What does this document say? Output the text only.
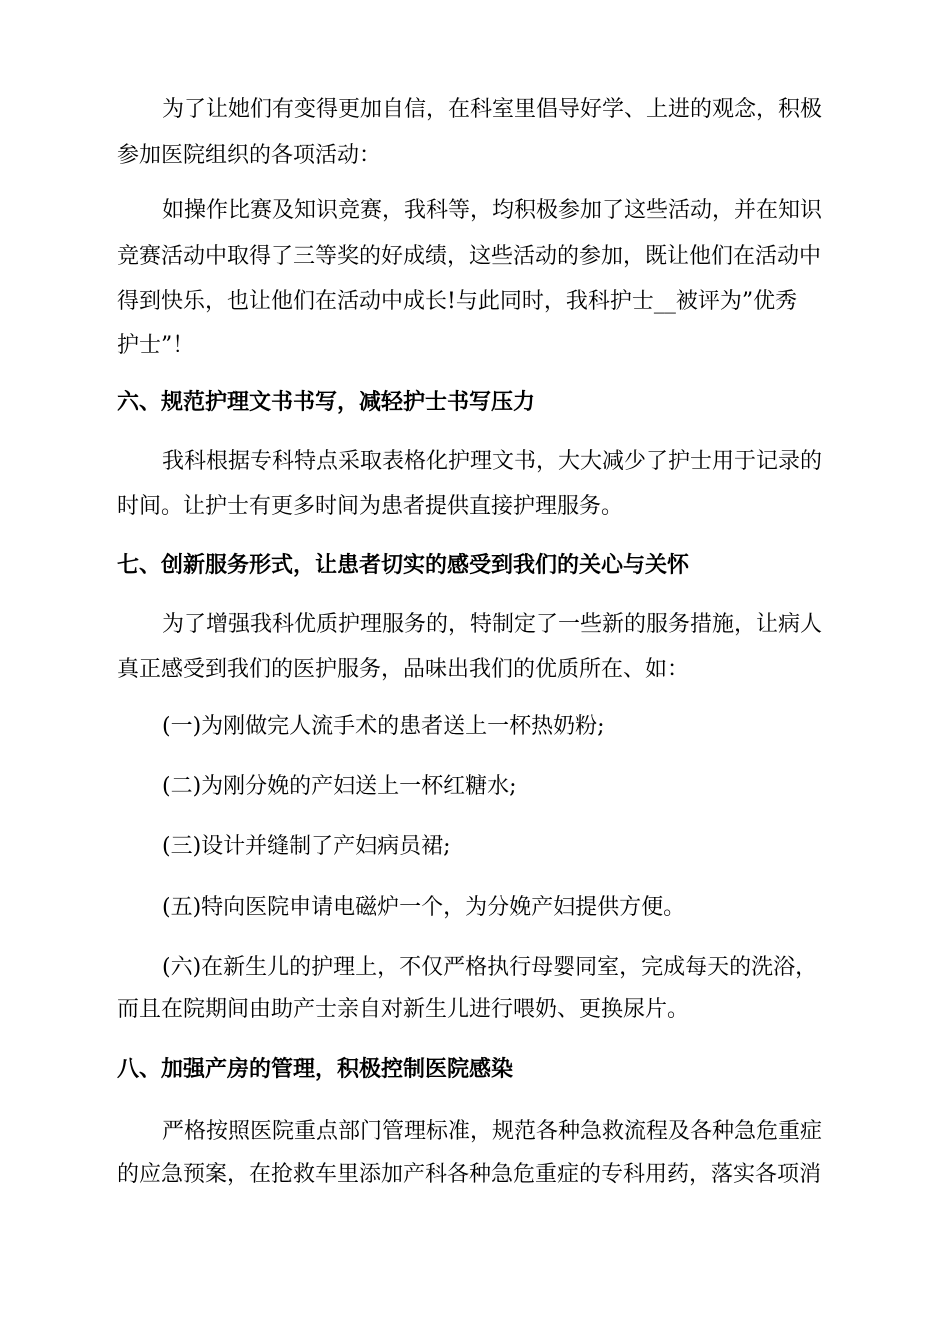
为了让她们有变得更加自信，在科室里倡导好学、上进的观念，积极
参加医院组织的各项活动：
如操作比赛及知识竞赛，我科等，均积极参加了这些活动，并在知识
竞赛活动中取得了三等奖的好成绩，这些活动的参加，既让他们在活动中
得到快乐，也让他们在活动中成长!与此同时，我科护士__被评为”优秀
护士”！
六、规范护理文书书写，减轻护士书写压力
我科根据专科特点采取表格化护理文书，大大减少了护士用于记录的
时间。让护士有更多时间为患者提供直接护理服务。
七、创新服务形式，让患者切实的感受到我们的关心与关怀
为了增强我科优质护理服务的，特制定了一些新的服务措施，让病人
真正感受到我们的医护服务，品味出我们的优质所在、如：
(一)为刚做完人流手术的患者送上一杯热奶粉;
(二)为刚分娩的产妇送上一杯红糖水;
(三)设计并缝制了产妇病员裙;
(五)特向医院申请电磁炉一个，为分娩产妇提供方便。
(六)在新生儿的护理上，不仅严格执行母婴同室，完成每天的洗浴，
而且在院期间由助产士亲自对新生儿进行喂奶、更换尿片。
八、加强产房的管理，积极控制医院感染
严格按照医院重点部门管理标准，规范各种急救流程及各种急危重症
的应急预案，在抢救车里添加产科各种急危重症的专科用药，落实各项消
